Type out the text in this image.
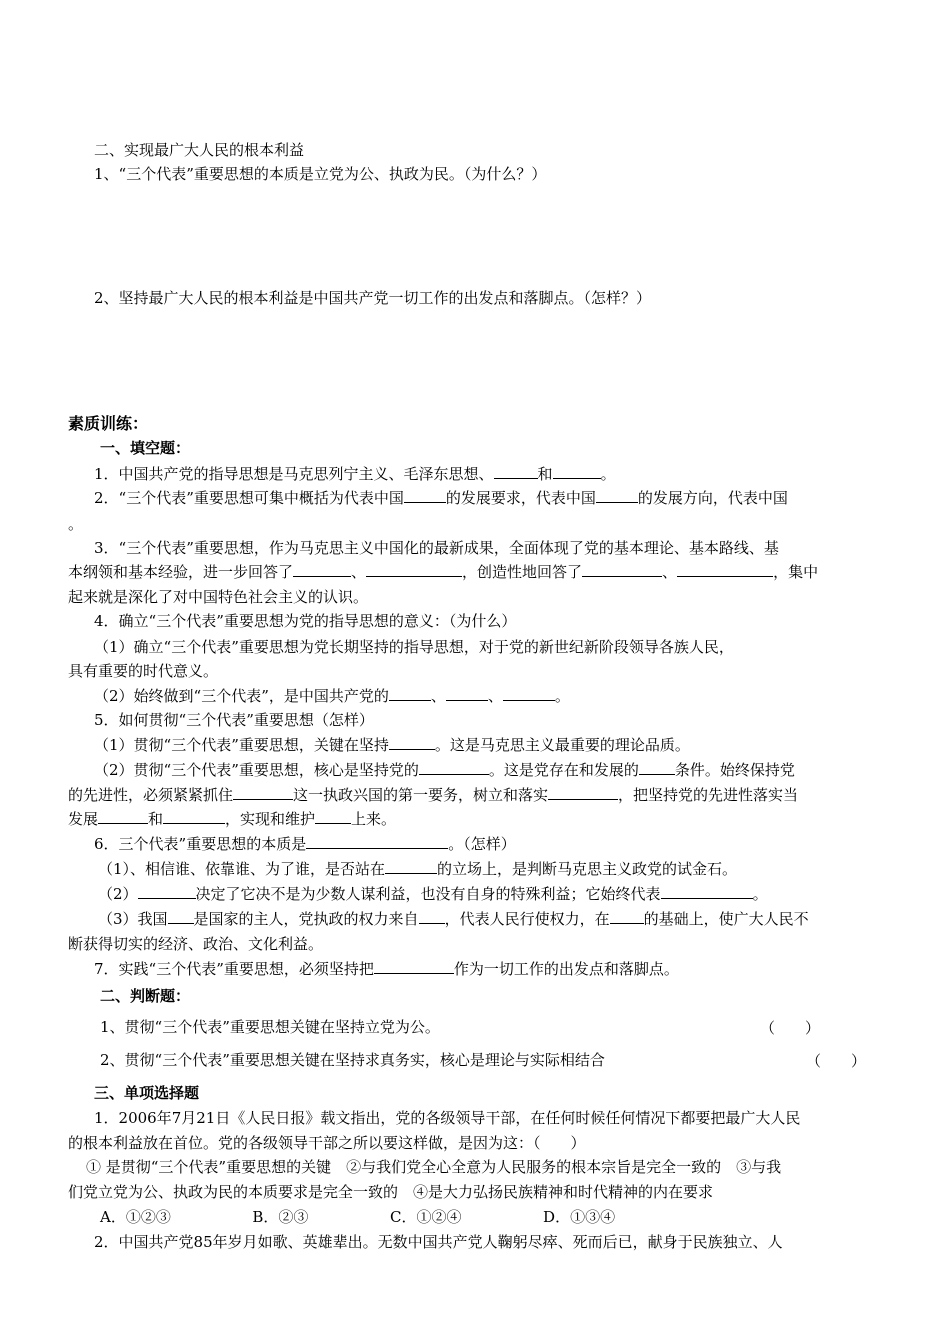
二、实现最广大人民的根本利益
1、“三个代表”重要思想的本质是立党为公、执政为民。（为什么？）
2、坚持最广大人民的根本利益是中国共产党一切工作的出发点和落脚点。（怎样？）
素质训练：
一、填空题：
1．中国共产党的指导思想是马克思列宁主义、毛泽东思想、	和	。
2．“三个代表”重要思想可集中概括为代表中国	的发展要求，代表中国	的发展方向，代表中国
。
3．“三个代表”重要思想，作为马克思主义中国化的最新成果，全面体现了党的基本理论、基本路线、基
本纲领和基本经验，进一步回答了	、	，创造性地回答了	、	，集中
起来就是深化了对中国特色社会主义的认识。
4．确立“三个代表”重要思想为党的指导思想的意义：（为什么）
（1）确立“三个代表”重要思想为党长期坚持的指导思想，对于党的新世纪新阶段领导各族人民，
具有重要的时代意义。
（2）始终做到“三个代表”，是中国共产党的	、	、	。
5．如何贯彻“三个代表”重要思想（怎样）
（1）贯彻“三个代表”重要思想，关键在坚持	。这是马克思主义最重要的理论品质。
（2）贯彻“三个代表”重要思想，核心是坚持党的	。这是党存在和发展的 条件。始终保持党
的先进性，必须紧紧抓住	这一执政兴国的第一要务，树立和落实	，把坚持党的先进性落实当
发展	和	，实现和维护 上来。
6．三个代表”重要思想的本质是	。（怎样）
（1）、相信谁、依靠谁、为了谁，是否站在	的立场上，是判断马克思主义政党的试金石。
（2）	决定了它决不是为少数人谋利益，也没有自身的特殊利益；它始终代表	。
（3）我国 是国家的主人，党执政的权力来自 ，代表人民行使权力，在 的基础上，使广大人民不
断获得切实的经济、政治、文化利益。
7．实践“三个代表”重要思想，必须坚持把	作为一切工作的出发点和落脚点。
二、判断题：
1、贯彻“三个代表”重要思想关键在坚持立党为公。	（　　）
2、贯彻“三个代表”重要思想关键在坚持求真务实，核心是理论与实际相结合	（　　）
三、单项选择题
1．2006年7月21日《人民日报》载文指出，党的各级领导干部，在任何时候任何情况下都要把最广大人民
的根本利益放在首位。党的各级领导干部之所以要这样做，是因为这：（　　）
① 是贯彻“三个代表”重要思想的关键　②与我们党全心全意为人民服务的根本宗旨是完全一致的　③与我
们党立党为公、执政为民的本质要求是完全一致的　④是大力弘扬民族精神和时代精神的内在要求
A．①②③	B．②③	C．①②④	D．①③④
2．中国共产党85年岁月如歌、英雄辈出。无数中国共产党人鞠躬尽瘁、死而后已，献身于民族独立、人
